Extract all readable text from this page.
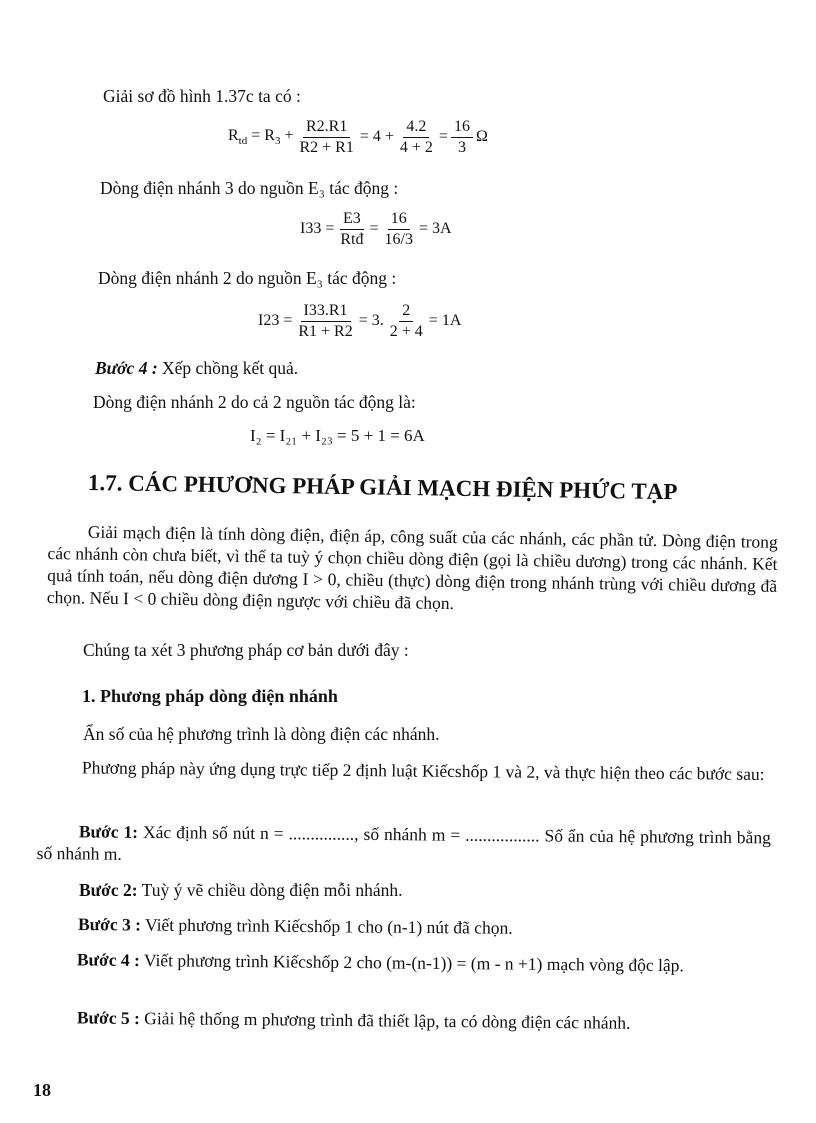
Giải sơ đồ hình 1.37c ta có :
$R_{td} = R_3 + \frac{R2.R1}{R2 + R1} = 4 + \frac{4.2}{4 + 2} = \frac{16}{3}$ Ω
Dòng điện nhánh 3 do nguồn E₃ tác động :
$I33 = \frac{E3}{\text{Rtđ}} = \frac{16}{16/3} = 3A$
Dòng điện nhánh 2 do nguồn E₃ tác động :
$I23 = \frac{I33.R1}{R1 + R2} = 3$. $\frac{2}{2 + 4} = 1A$
Bước 4 : Xếp chồng kết quả.
Dòng điện nhánh 2 do cả 2 nguồn tác động là:
I₂ = I₂₁ + I₂₃ = 5 + 1 = 6A
1.7. CÁC PHƯƠNG PHÁP GIẢI MẠCH ĐIỆN PHỨC TẠP
Giải mạch điện là tính dòng điện, điện áp, công suất của các nhánh, các phần tử. Dòng điện trong các nhánh còn chưa biết, vì thế ta tuỳ ý chọn chiều dòng điện (gọi là chiều dương) trong các nhánh. Kết quả tính toán, nếu dòng điện dương I > 0, chiều (thực) dòng điện trong nhánh trùng với chiều dương đã chọn. Nếu I < 0 chiều dòng điện ngược với chiều đã chọn.
Chúng ta xét 3 phương pháp cơ bản dưới đây :
1. Phương pháp dòng điện nhánh
Ẩn số của hệ phương trình là dòng điện các nhánh.
Phương pháp này ứng dụng trực tiếp 2 định luật Kiếcshốp 1 và 2, và thực hiện theo các bước sau:
Bước 1: Xác định số nút n = ..............., số nhánh m = ................. Số ẩn của hệ phương trình bằng số nhánh m.
Bước 2: Tuỳ ý vẽ chiều dòng điện mỗi nhánh.
Bước 3 : Viết phương trình Kiếcshốp 1 cho (n-1) nút đã chọn.
Bước 4 : Viết phương trình Kiếcshốp 2 cho (m-(n-1)) = (m - n +1) mạch vòng độc lập.
Bước 5 : Giải hệ thống m phương trình đã thiết lập, ta có dòng điện các nhánh.
18
